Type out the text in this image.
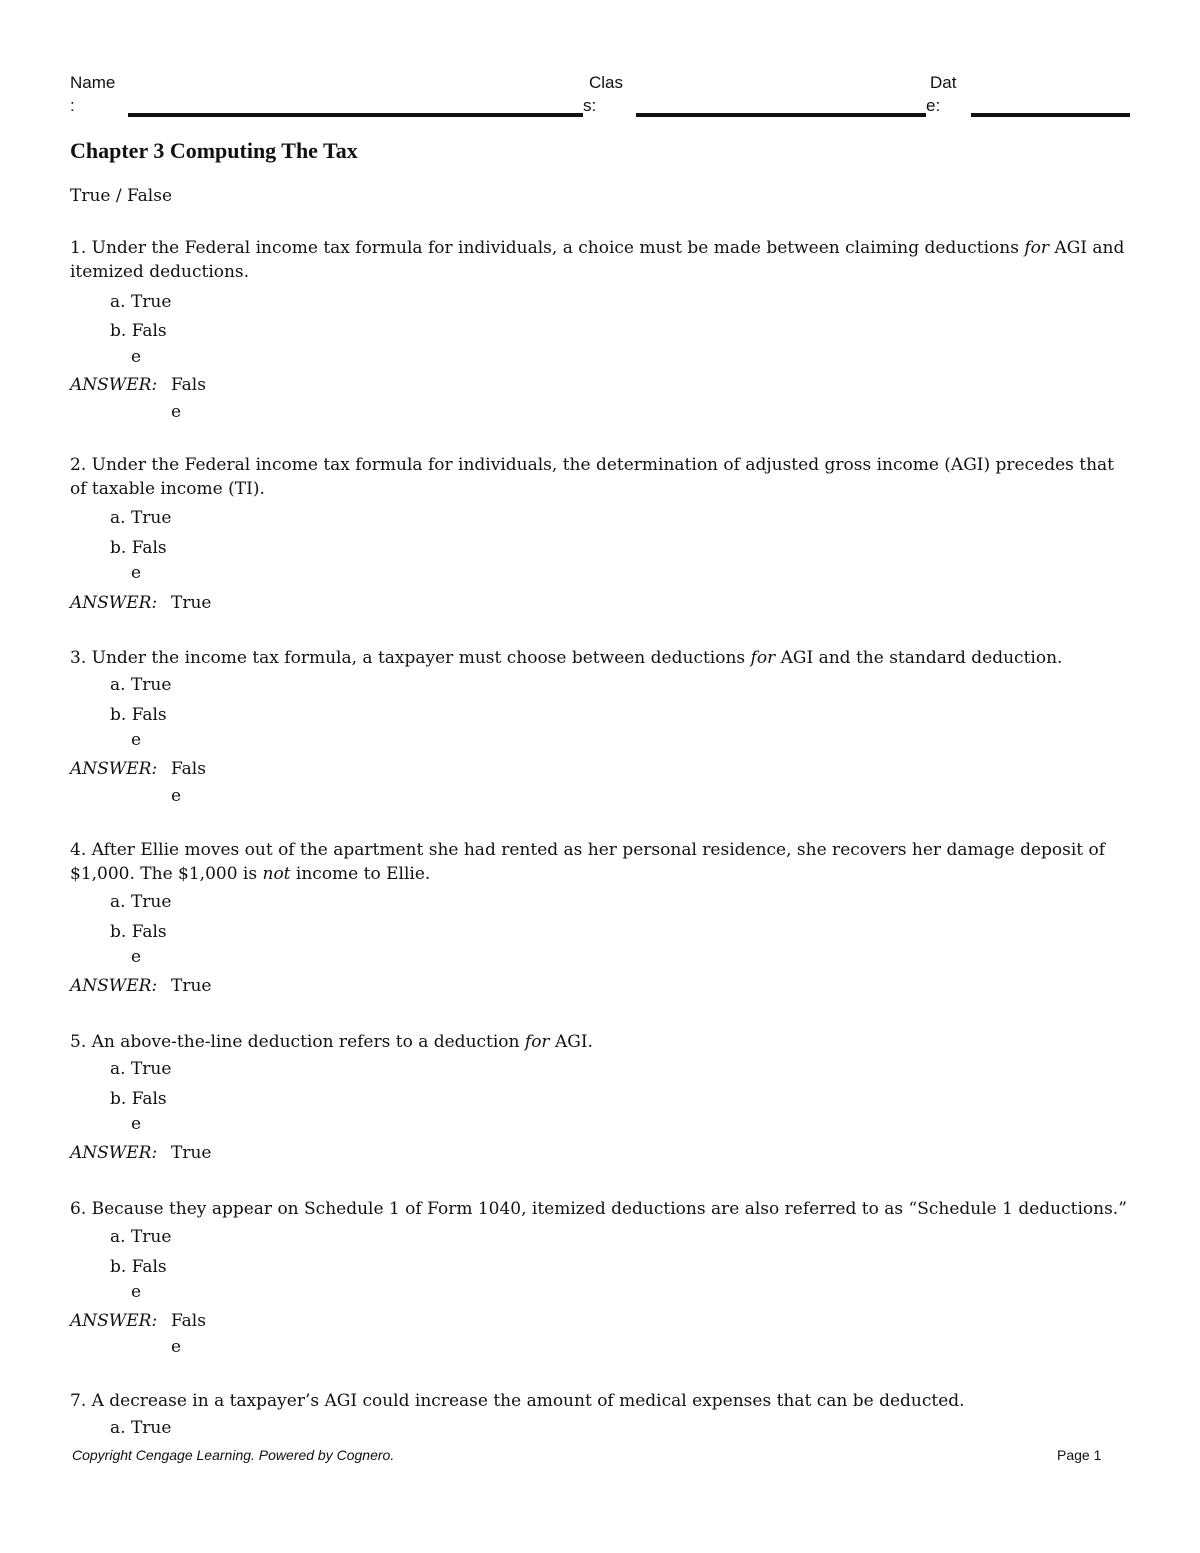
Name
:
Clas
s:
Dat
e:
Chapter 3 Computing The Tax
True / False
1. Under the Federal income tax formula for individuals, a choice must be made between claiming deductions for AGI and itemized deductions.
a. True
b. Fals
e
ANSWER: Fals
e
2. Under the Federal income tax formula for individuals, the determination of adjusted gross income (AGI) precedes that of taxable income (TI).
a. True
b. Fals
e
ANSWER: True
3. Under the income tax formula, a taxpayer must choose between deductions for AGI and the standard deduction.
a. True
b. Fals
e
ANSWER: Fals
e
4. After Ellie moves out of the apartment she had rented as her personal residence, she recovers her damage deposit of $1,000. The $1,000 is not income to Ellie.
a. True
b. Fals
e
ANSWER: True
5. An above-the-line deduction refers to a deduction for AGI.
a. True
b. Fals
e
ANSWER: True
6. Because they appear on Schedule 1 of Form 1040, itemized deductions are also referred to as “Schedule 1 deductions.”
a. True
b. Fals
e
ANSWER: Fals
e
7. A decrease in a taxpayer’s AGI could increase the amount of medical expenses that can be deducted.
a. True
Copyright Cengage Learning. Powered by Cognero.	Page 1
